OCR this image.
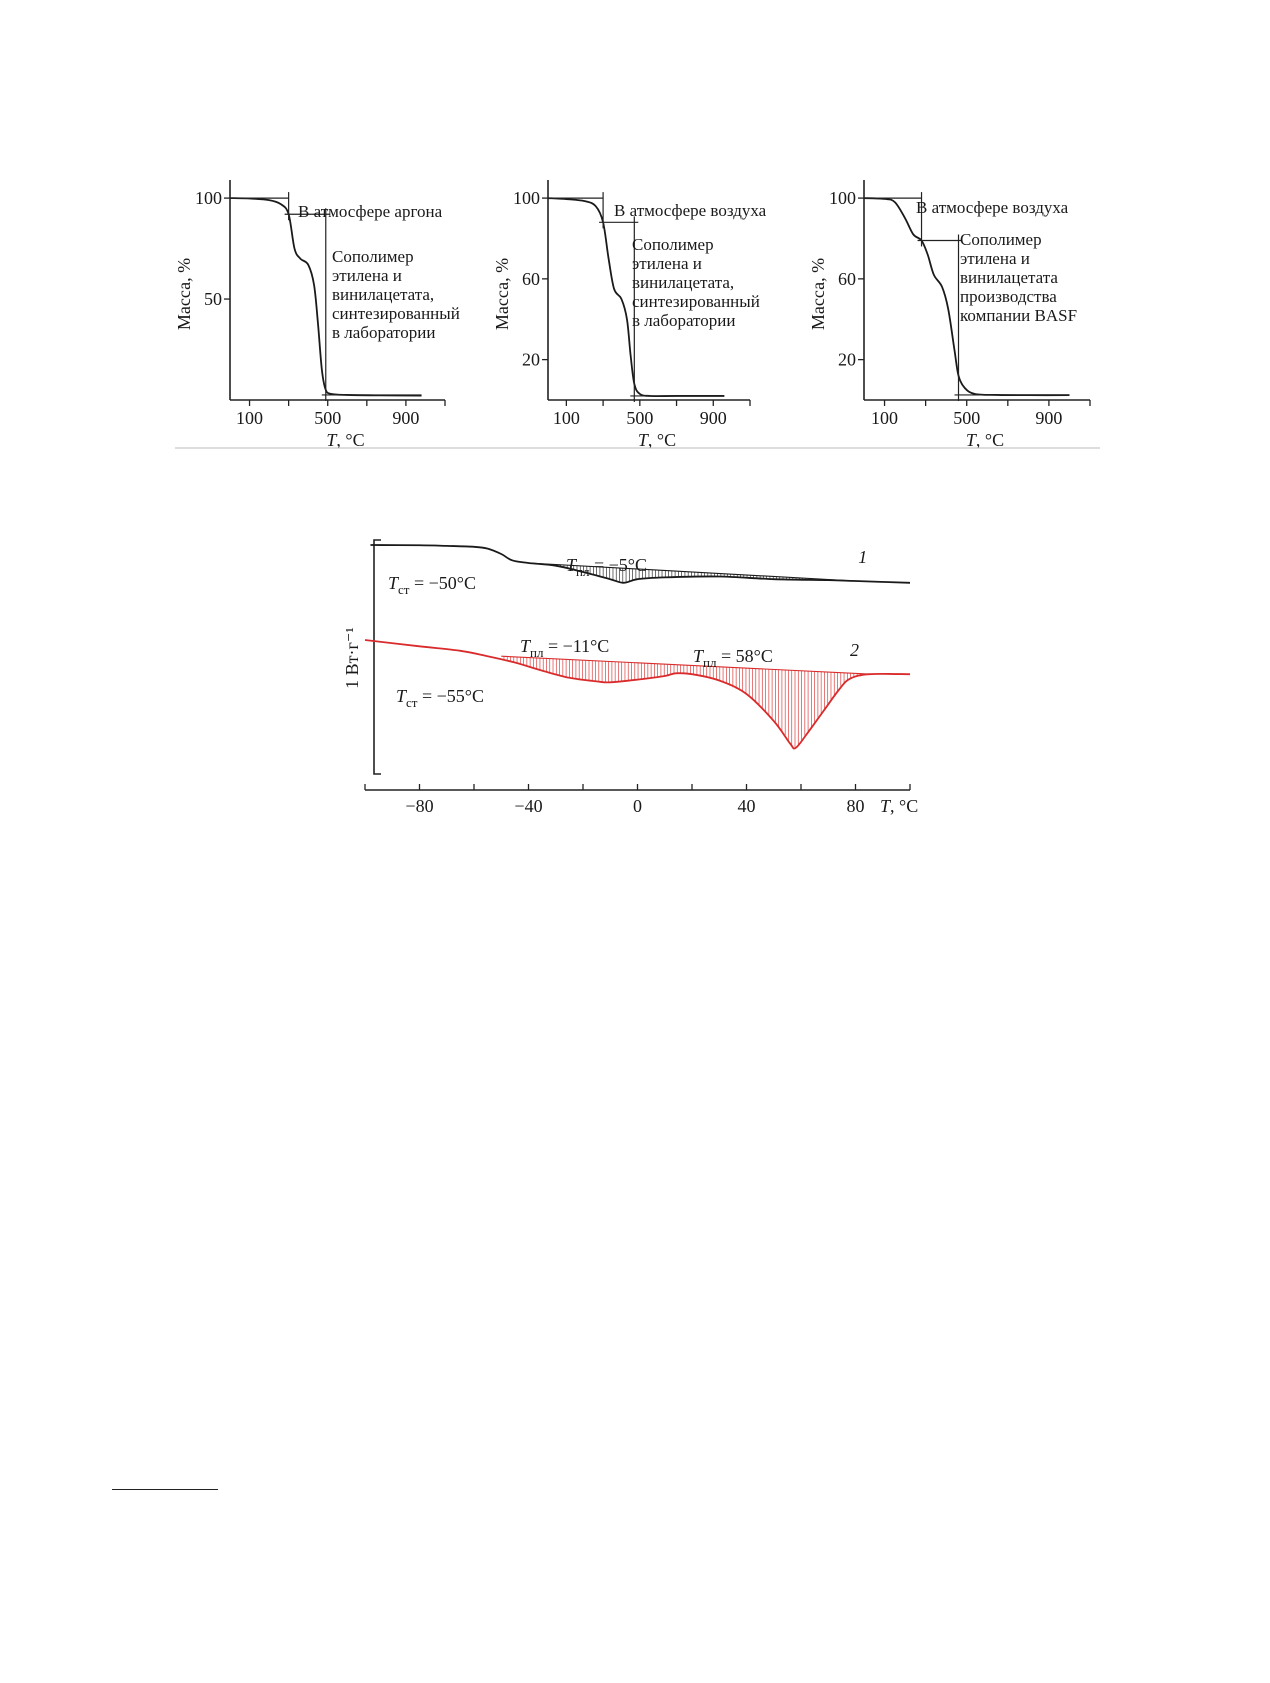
100	500	900
50
100
T, °C
Масса, %
В атмосфере аргона
Сополимер
этилена и
винилацетата,
синтезированный
в лаборатории
100	500	900
20
60
100
T, °C
Масса, %
В атмосфере воздуха
Сополимер
этилена и
винилацетата,
синтезированный
в лаборатории
100	500	900
20
60
100
T, °C
Масса, %
В атмосфере воздуха
Сополимер
этилена и
винилацетата
производства
компании BASF
−80	−40	0	40	80 T, °C
1 Вт·г⁻¹
1
2
$T_{ст} = -50^\circ C$
$T_{пл} = -5^\circ C$
$T_{ст} = -55^\circ C$
$T_{пл} = -11^\circ C$	$T_{пл} = 58^\circ C$
